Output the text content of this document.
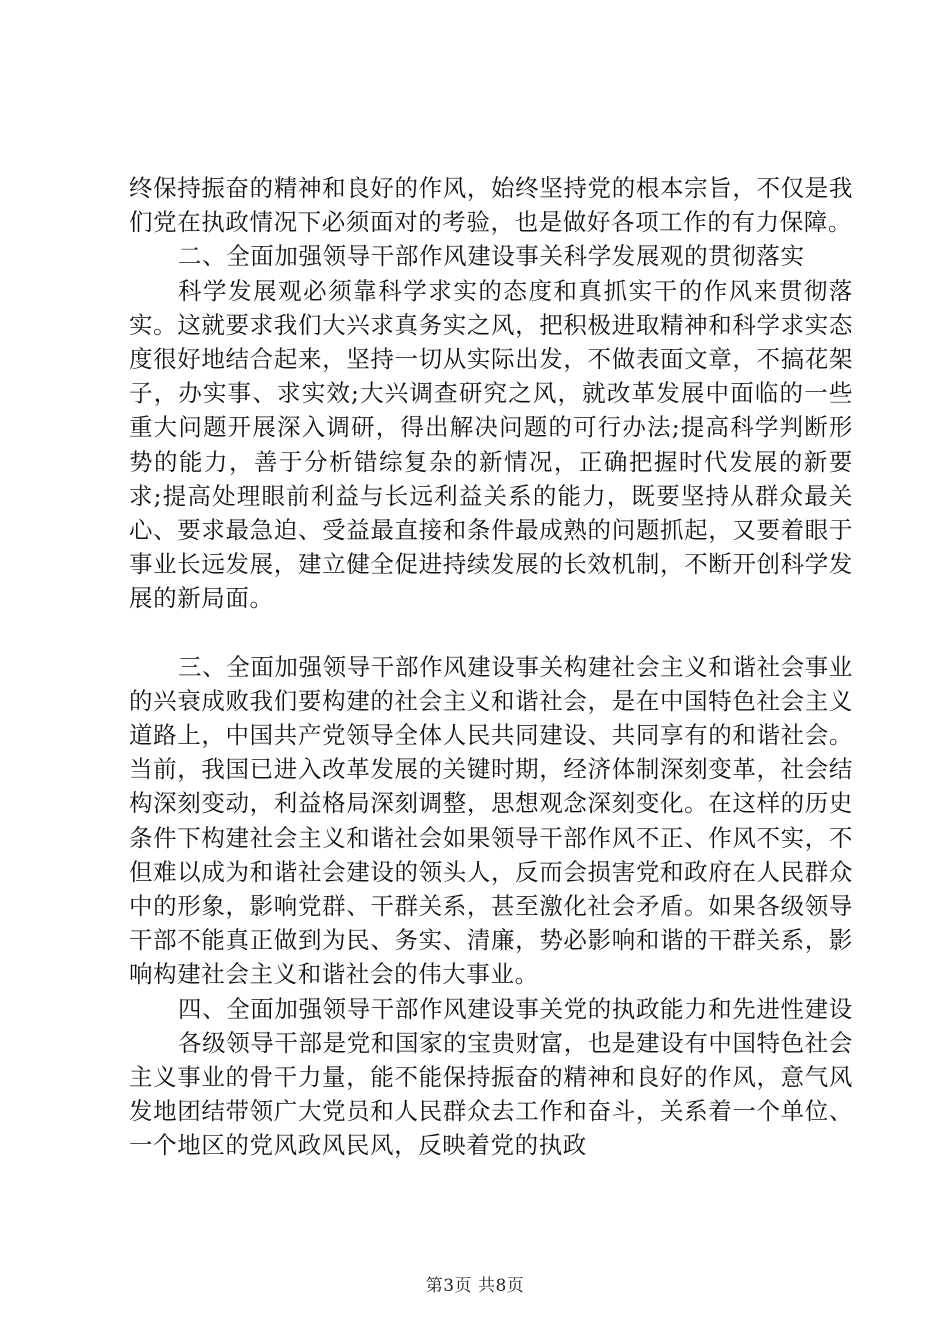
终保持振奋的精神和良好的作风，始终坚持党的根本宗旨，不仅是我们党在执政情况下必须面对的考验，也是做好各项工作的有力保障。

二、全面加强领导干部作风建设事关科学发展观的贯彻落实

科学发展观必须靠科学求实的态度和真抓实干的作风来贯彻落实。这就要求我们大兴求真务实之风，把积极进取精神和科学求实态度很好地结合起来，坚持一切从实际出发，不做表面文章，不搞花架子，办实事、求实效;大兴调查研究之风，就改革发展中面临的一些重大问题开展深入调研，得出解决问题的可行办法;提高科学判断形势的能力，善于分析错综复杂的新情况，正确把握时代发展的新要求;提高处理眼前利益与长远利益关系的能力，既要坚持从群众最关心、要求最急迫、受益最直接和条件最成熟的问题抓起，又要着眼于事业长远发展，建立健全促进持续发展的长效机制，不断开创科学发展的新局面。

三、全面加强领导干部作风建设事关构建社会主义和谐社会事业的兴衰成败我们要构建的社会主义和谐社会，是在中国特色社会主义道路上，中国共产党领导全体人民共同建设、共同享有的和谐社会。当前，我国已进入改革发展的关键时期，经济体制深刻变革，社会结构深刻变动，利益格局深刻调整，思想观念深刻变化。在这样的历史条件下构建社会主义和谐社会如果领导干部作风不正、作风不实，不但难以成为和谐社会建设的领头人，反而会损害党和政府在人民群众中的形象，影响党群、干群关系，甚至激化社会矛盾。如果各级领导干部不能真正做到为民、务实、清廉，势必影响和谐的干群关系，影响构建社会主义和谐社会的伟大事业。

四、全面加强领导干部作风建设事关党的执政能力和先进性建设

各级领导干部是党和国家的宝贵财富，也是建设有中国特色社会主义事业的骨干力量，能不能保持振奋的精神和良好的作风，意气风发地团结带领广大党员和人民群众去工作和奋斗，关系着一个单位、一个地区的党风政风民风，反映着党的执政

第3页 共8页
